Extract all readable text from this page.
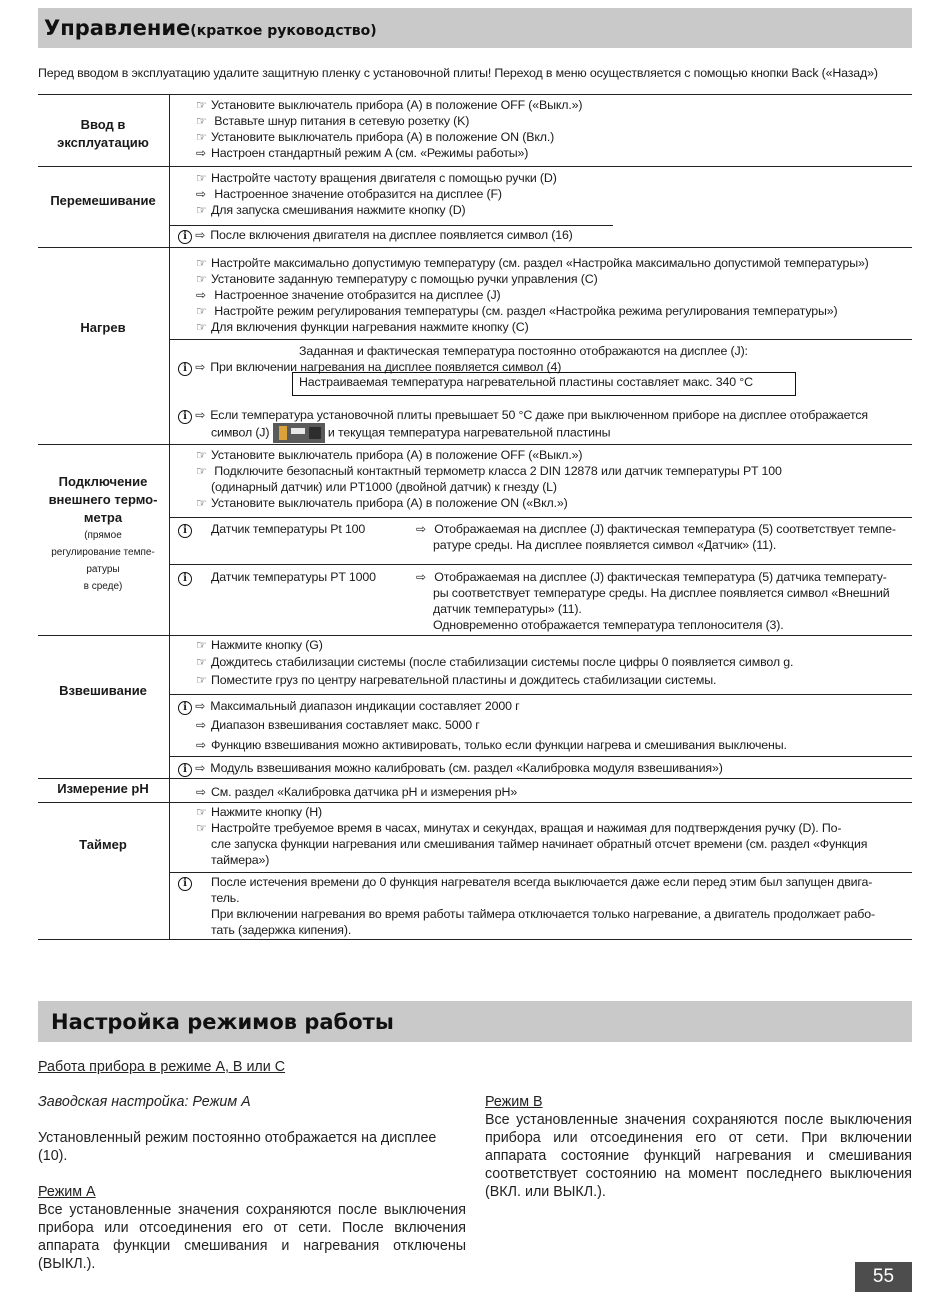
Управление(краткое руководство)
Перед вводом в эксплуатацию удалите защитную пленку с установочной плиты! Переход в меню осуществляется с помощью кнопки Back («Назад»)
Ввод в эксплуатацию
☞ Установите выключатель прибора (A) в положение OFF («Выкл.»)
☞ Вставьте шнур питания в сетевую розетку (K)
☞ Установите выключатель прибора (A) в положение ON (Вкл.)
⇨ Настроен стандартный режим A (см. «Режимы работы»)
Перемешивание
☞ Настройте частоту вращения двигателя с помощью ручки (D)
⇨ Настроенное значение отобразится на дисплее (F)
☞ Для запуска смешивания нажмите кнопку (D)
i ⇨ После включения двигателя на дисплее появляется символ (16)
Нагрев
☞ Настройте максимально допустимую температуру (см. раздел «Настройка максимально допустимой температуры»)
☞ Установите заданную температуру с помощью ручки управления (C)
⇨ Настроенное значение отобразится на дисплее (J)
☞ Настройте режим регулирования температуры (см. раздел «Настройка режима регулирования температуры»)
☞ Для включения функции нагревания нажмите кнопку (C)
Заданная и фактическая температура постоянно отображаются на дисплее (J):
i ⇨ При включении нагревания на дисплее появляется символ (4)
Настраиваемая температура нагревательной пластины составляет макс. 340 °C
i ⇨ Если температура установочной плиты превышает 50 °C даже при выключенном приборе на дисплее отображается
символ (J)	и текущая температура нагревательной пластины
Подключение
внешнего термо-
метра
(прямое
регулирование темпе-
ратуры
в среде)
☞ Установите выключатель прибора (A) в положение OFF («Выкл.»)
☞ Подключите безопасный контактный термометр класса 2 DIN 12878 или датчик температуры PT 100
(одинарный датчик) или PT1000 (двойной датчик) к гнезду (L)
☞ Установите выключатель прибора (A) в положение ON («Вкл.»)
i	Датчик температуры Pt 100	⇨ Отображаемая на дисплее (J) фактическая температура (5) соответствует темпе-
ратуре среды. На дисплее появляется символ «Датчик» (11).
i	Датчик температуры PT 1000	⇨ Отображаемая на дисплее (J) фактическая температура (5) датчика температу-
ры соответствует температуре среды. На дисплее появляется символ «Внешний
датчик температуры» (11).
Одновременно отображается температура теплоносителя (3).
Взвешивание
☞ Нажмите кнопку (G)
☞ Дождитесь стабилизации системы (после стабилизации системы после цифры 0 появляется символ g.
☞ Поместите груз по центру нагревательной пластины и дождитесь стабилизации системы.
i ⇨ Максимальный диапазон индикации составляет 2000 г
⇨ Диапазон взвешивания составляет макс. 5000 г
⇨ Функцию взвешивания можно активировать, только если функции нагрева и смешивания выключены.
i ⇨ Модуль взвешивания можно калибровать (см. раздел «Калибровка модуля взвешивания»)
Измерение pH	⇨ См. раздел «Калибровка датчика pH и измерения pH»
Таймер
☞ Нажмите кнопку (H)
☞ Настройте требуемое время в часах, минутах и секундах, вращая и нажимая для подтверждения ручку (D). По-
сле запуска функции нагревания или смешивания таймер начинает обратный отсчет времени (см. раздел «Функция
таймера»)
i	После истечения времени до 0 функция нагревателя всегда выключается даже если перед этим был запущен двига-
тель.
При включении нагревания во время работы таймера отключается только нагревание, а двигатель продолжает рабо-
тать (задержка кипения).
Настройка режимов работы
Работа прибора в режиме A, B или C
Заводская настройка: Режим A
Установленный режим постоянно отображается на дисплее (10).
Режим A
Все установленные значения сохраняются после выключения прибора или отсоединения его от сети. После включения аппарата функции смешивания и нагревания отключены (ВЫКЛ.).
Режим B
Все установленные значения сохраняются после выключения прибора или отсоединения его от сети. При включении аппарата состояние функций нагревания и смешивания соответствует состоянию на момент последнего выключения (ВКЛ. или ВЫКЛ.).
55
